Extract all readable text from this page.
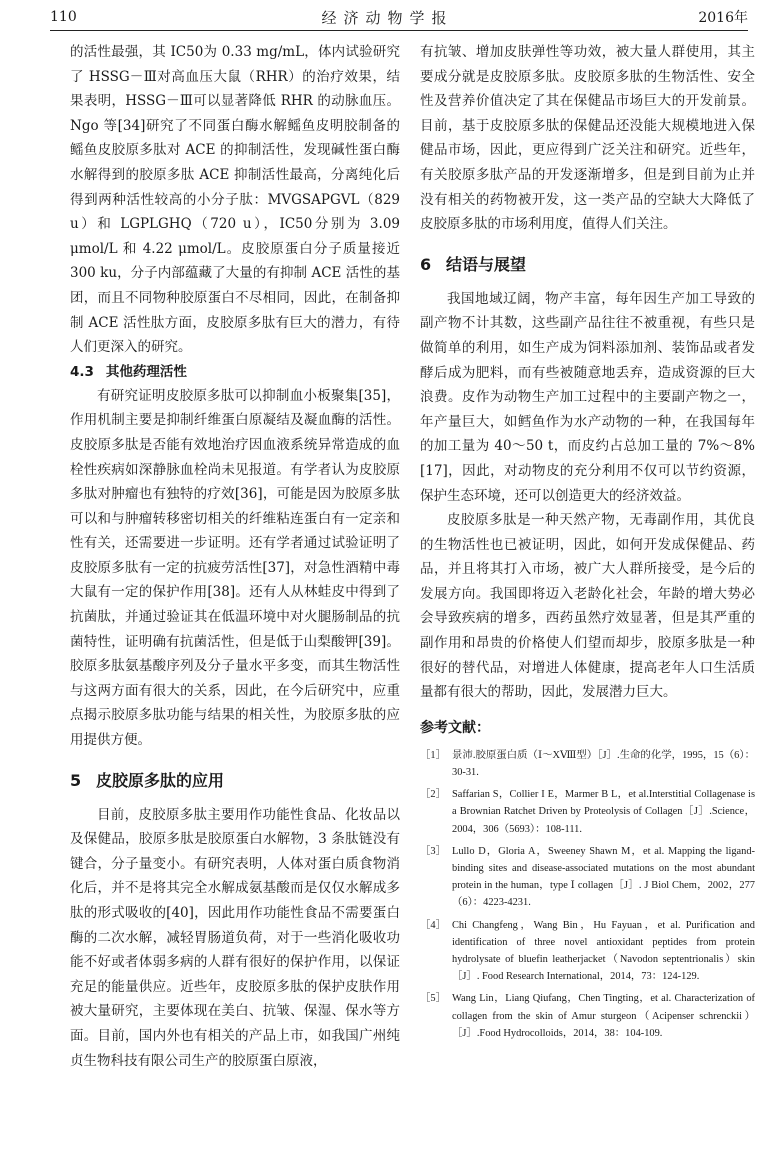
110	经济动物学报	2016年

的活性最强，其 IC50为 0.33 mg/mL，体内试验研究了 HSSG－Ⅲ对高血压大鼠（RHR）的治疗效果，结果表明，HSSG－Ⅲ可以显著降低 RHR 的动脉血压。Ngo 等[34]研究了不同蛋白酶水解鳐鱼皮明胶制备的鳐鱼皮胶原多肽对 ACE 的抑制活性，发现碱性蛋白酶水解得到的胶原多肽 ACE 抑制活性最高，分离纯化后得到两种活性较高的小分子肽：MVGSAPGVL（829 u）和 LGPLGHQ（720 u），IC50分别为 3.09 μmol/L 和 4.22 μmol/L。皮胶原蛋白分子质量接近 300 ku，分子内部蕴藏了大量的有抑制 ACE 活性的基团，而且不同物种胶原蛋白不尽相同，因此，在制备抑制 ACE 活性肽方面，皮胶原多肽有巨大的潜力，有待人们更深入的研究。

4.3 其他药理活性

有研究证明皮胶原多肽可以抑制血小板聚集[35]，作用机制主要是抑制纤维蛋白原凝结及凝血酶的活性。皮胶原多肽是否能有效地治疗因血液系统异常造成的血栓性疾病如深静脉血栓尚未见报道。有学者认为皮胶原多肽对肿瘤也有独特的疗效[36]，可能是因为胶原多肽可以和与肿瘤转移密切相关的纤维粘连蛋白有一定亲和性有关，还需要进一步证明。还有学者通过试验证明了皮胶原多肽有一定的抗疲劳活性[37]，对急性酒精中毒大鼠有一定的保护作用[38]。还有人从林蛙皮中得到了抗菌肽，并通过验证其在低温环境中对火腿肠制品的抗菌特性，证明确有抗菌活性，但是低于山梨酸钾[39]。胶原多肽氨基酸序列及分子量水平多变，而其生物活性与这两方面有很大的关系，因此，在今后研究中，应重点揭示胶原多肽功能与结果的相关性，为胶原多肽的应用提供方便。

5 皮胶原多肽的应用

目前，皮胶原多肽主要用作功能性食品、化妆品以及保健品，胶原多肽是胶原蛋白水解物，3 条肽链没有键合，分子量变小。有研究表明，人体对蛋白质食物消化后，并不是将其完全水解成氨基酸而是仅仅水解成多肽的形式吸收的[40]，因此用作功能性食品不需要蛋白酶的二次水解，减轻胃肠道负荷，对于一些消化吸收功能不好或者体弱多病的人群有很好的保护作用，以保证充足的能量供应。近些年，皮胶原多肽的保护皮肤作用被大量研究，主要体现在美白、抗皱、保湿、保水等方面。目前，国内外也有相关的产品上市，如我国广州纯贞生物科技有限公司生产的胶原蛋白原液，

有抗皱、增加皮肤弹性等功效，被大量人群使用，其主要成分就是皮胶原多肽。皮胶原多肽的生物活性、安全性及营养价值决定了其在保健品市场巨大的开发前景。目前，基于皮胶原多肽的保健品还没能大规模地进入保健品市场，因此，更应得到广泛关注和研究。近些年，有关胶原多肽产品的开发逐渐增多，但是到目前为止并没有相关的药物被开发，这一类产品的空缺大大降低了皮胶原多肽的市场利用度，值得人们关注。

6 结语与展望

我国地域辽阔，物产丰富，每年因生产加工导致的副产物不计其数，这些副产品往往不被重视，有些只是做简单的利用，如生产成为饲料添加剂、装饰品或者发酵后成为肥料，而有些被随意地丢弃，造成资源的巨大浪费。皮作为动物生产加工过程中的主要副产物之一，年产量巨大，如鳕鱼作为水产动物的一种，在我国每年的加工量为 40～50 t，而皮约占总加工量的 7%～8%[17]，因此，对动物皮的充分利用不仅可以节约资源，保护生态环境，还可以创造更大的经济效益。

皮胶原多肽是一种天然产物，无毒副作用，其优良的生物活性也已被证明，因此，如何开发成保健品、药品，并且将其打入市场，被广大人群所接受，是今后的发展方向。我国即将迈入老龄化社会，年龄的增大势必会导致疾病的增多，西药虽然疗效显著，但是其严重的副作用和昂贵的价格使人们望而却步，胶原多肽是一种很好的替代品，对增进人体健康，提高老年人口生活质量都有很大的帮助，因此，发展潜力巨大。

参考文献：
［1］ 景沛.胶原蛋白质（Ⅰ～XⅧ型）［J］.生命的化学，1995，15（6）：30-31.
［2］ Saffarian S，Collier I E，Marmer B L，et al.Interstitial Collagenase is a Brownian Ratchet Driven by Proteolysis of Collagen［J］.Science，2004，306（5693）：108-111.
［3］ Lullo D，Gloria A，Sweeney Shawn M，et al. Mapping the ligand-binding sites and disease-associated mutations on the most abundant protein in the human，type Ⅰ collagen［J］. J Biol Chem，2002，277（6）：4223-4231.
［4］ Chi Changfeng，Wang Bin，Hu Fayuan，et al. Purification and identification of three novel antioxidant peptides from protein hydrolysate of bluefin leatherjacket（Navodon septentrionalis）skin［J］. Food Research International，2014，73：124-129.
［5］ Wang Lin，Liang Qiufang，Chen Tingting，et al. Characterization of collagen from the skin of Amur sturgeon（Acipenser schrenckii）［J］.Food Hydrocolloids，2014，38：104-109.
